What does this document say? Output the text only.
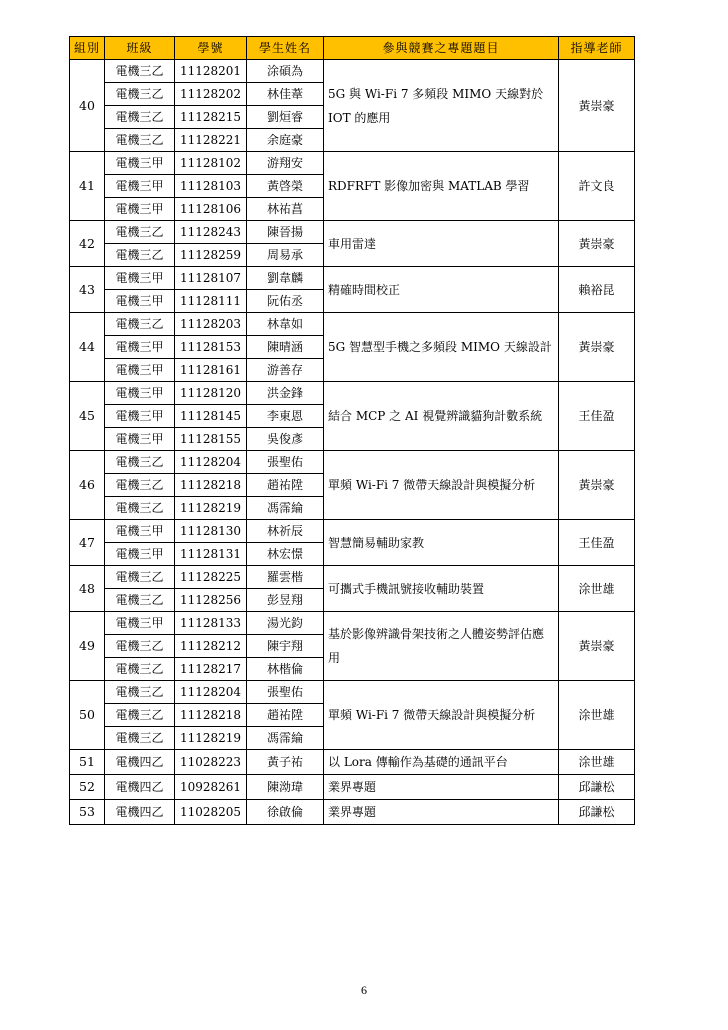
組別	班級	學號	學生姓名	參與競賽之專題題目	指導老師
40	電機三乙	11128201	涂碩為	5G 與 Wi-Fi 7 多頻段 MIMO 天線對於 IOT 的應用	黃崇豪
	電機三乙	11128202	林佳葦		
	電機三乙	11128215	劉烜睿		
	電機三乙	11128221	余庭豪		
41	電機三甲	11128102	游翔安	RDFRFT 影像加密與 MATLAB 學習	許文良
	電機三甲	11128103	黃啓榮		
	電機三甲	11128106	林祐菖		
42	電機三乙	11128243	陳晉揚	車用雷達	黃崇豪
	電機三乙	11128259	周易承		
43	電機三甲	11128107	劉韋麟	精確時間校正	賴裕昆
	電機三甲	11128111	阮佑丞		
44	電機三乙	11128203	林韋如	5G 智慧型手機之多頻段 MIMO 天線設計	黃崇豪
	電機三甲	11128153	陳晴涵		
	電機三甲	11128161	游善存		
45	電機三甲	11128120	洪金鋒	結合 MCP 之 AI 視覺辨識貓狗計數系統	王佳盈
	電機三甲	11128145	李東恩		
	電機三甲	11128155	吳俊彥		
46	電機三乙	11128204	張聖佑	單頻 Wi-Fi 7 微帶天線設計與模擬分析	黃崇豪
	電機三乙	11128218	趙祐陞		
	電機三乙	11128219	馮霈綸		
47	電機三甲	11128130	林祈辰	智慧簡易輔助家教	王佳盈
	電機三甲	11128131	林宏憬		
48	電機三乙	11128225	羅雲楷	可攜式手機訊號接收輔助裝置	涂世雄
	電機三乙	11128256	彭昱翔		
49	電機三甲	11128133	湯光鈞	基於影像辨識骨架技術之人體姿勢評估應用	黃崇豪
	電機三乙	11128212	陳宇翔		
	電機三乙	11128217	林楷倫		
50	電機三乙	11128204	張聖佑	單頻 Wi-Fi 7 微帶天線設計與模擬分析	涂世雄
	電機三乙	11128218	趙祐陞		
	電機三乙	11128219	馮霈綸		
51	電機四乙	11028223	黃子祐	以 Lora 傳輸作為基礎的通訊平台	涂世雄
52	電機四乙	10928261	陳泑瑋	業界專題	邱謙松
53	電機四乙	11028205	徐啟倫	業界專題	邱謙松
6
